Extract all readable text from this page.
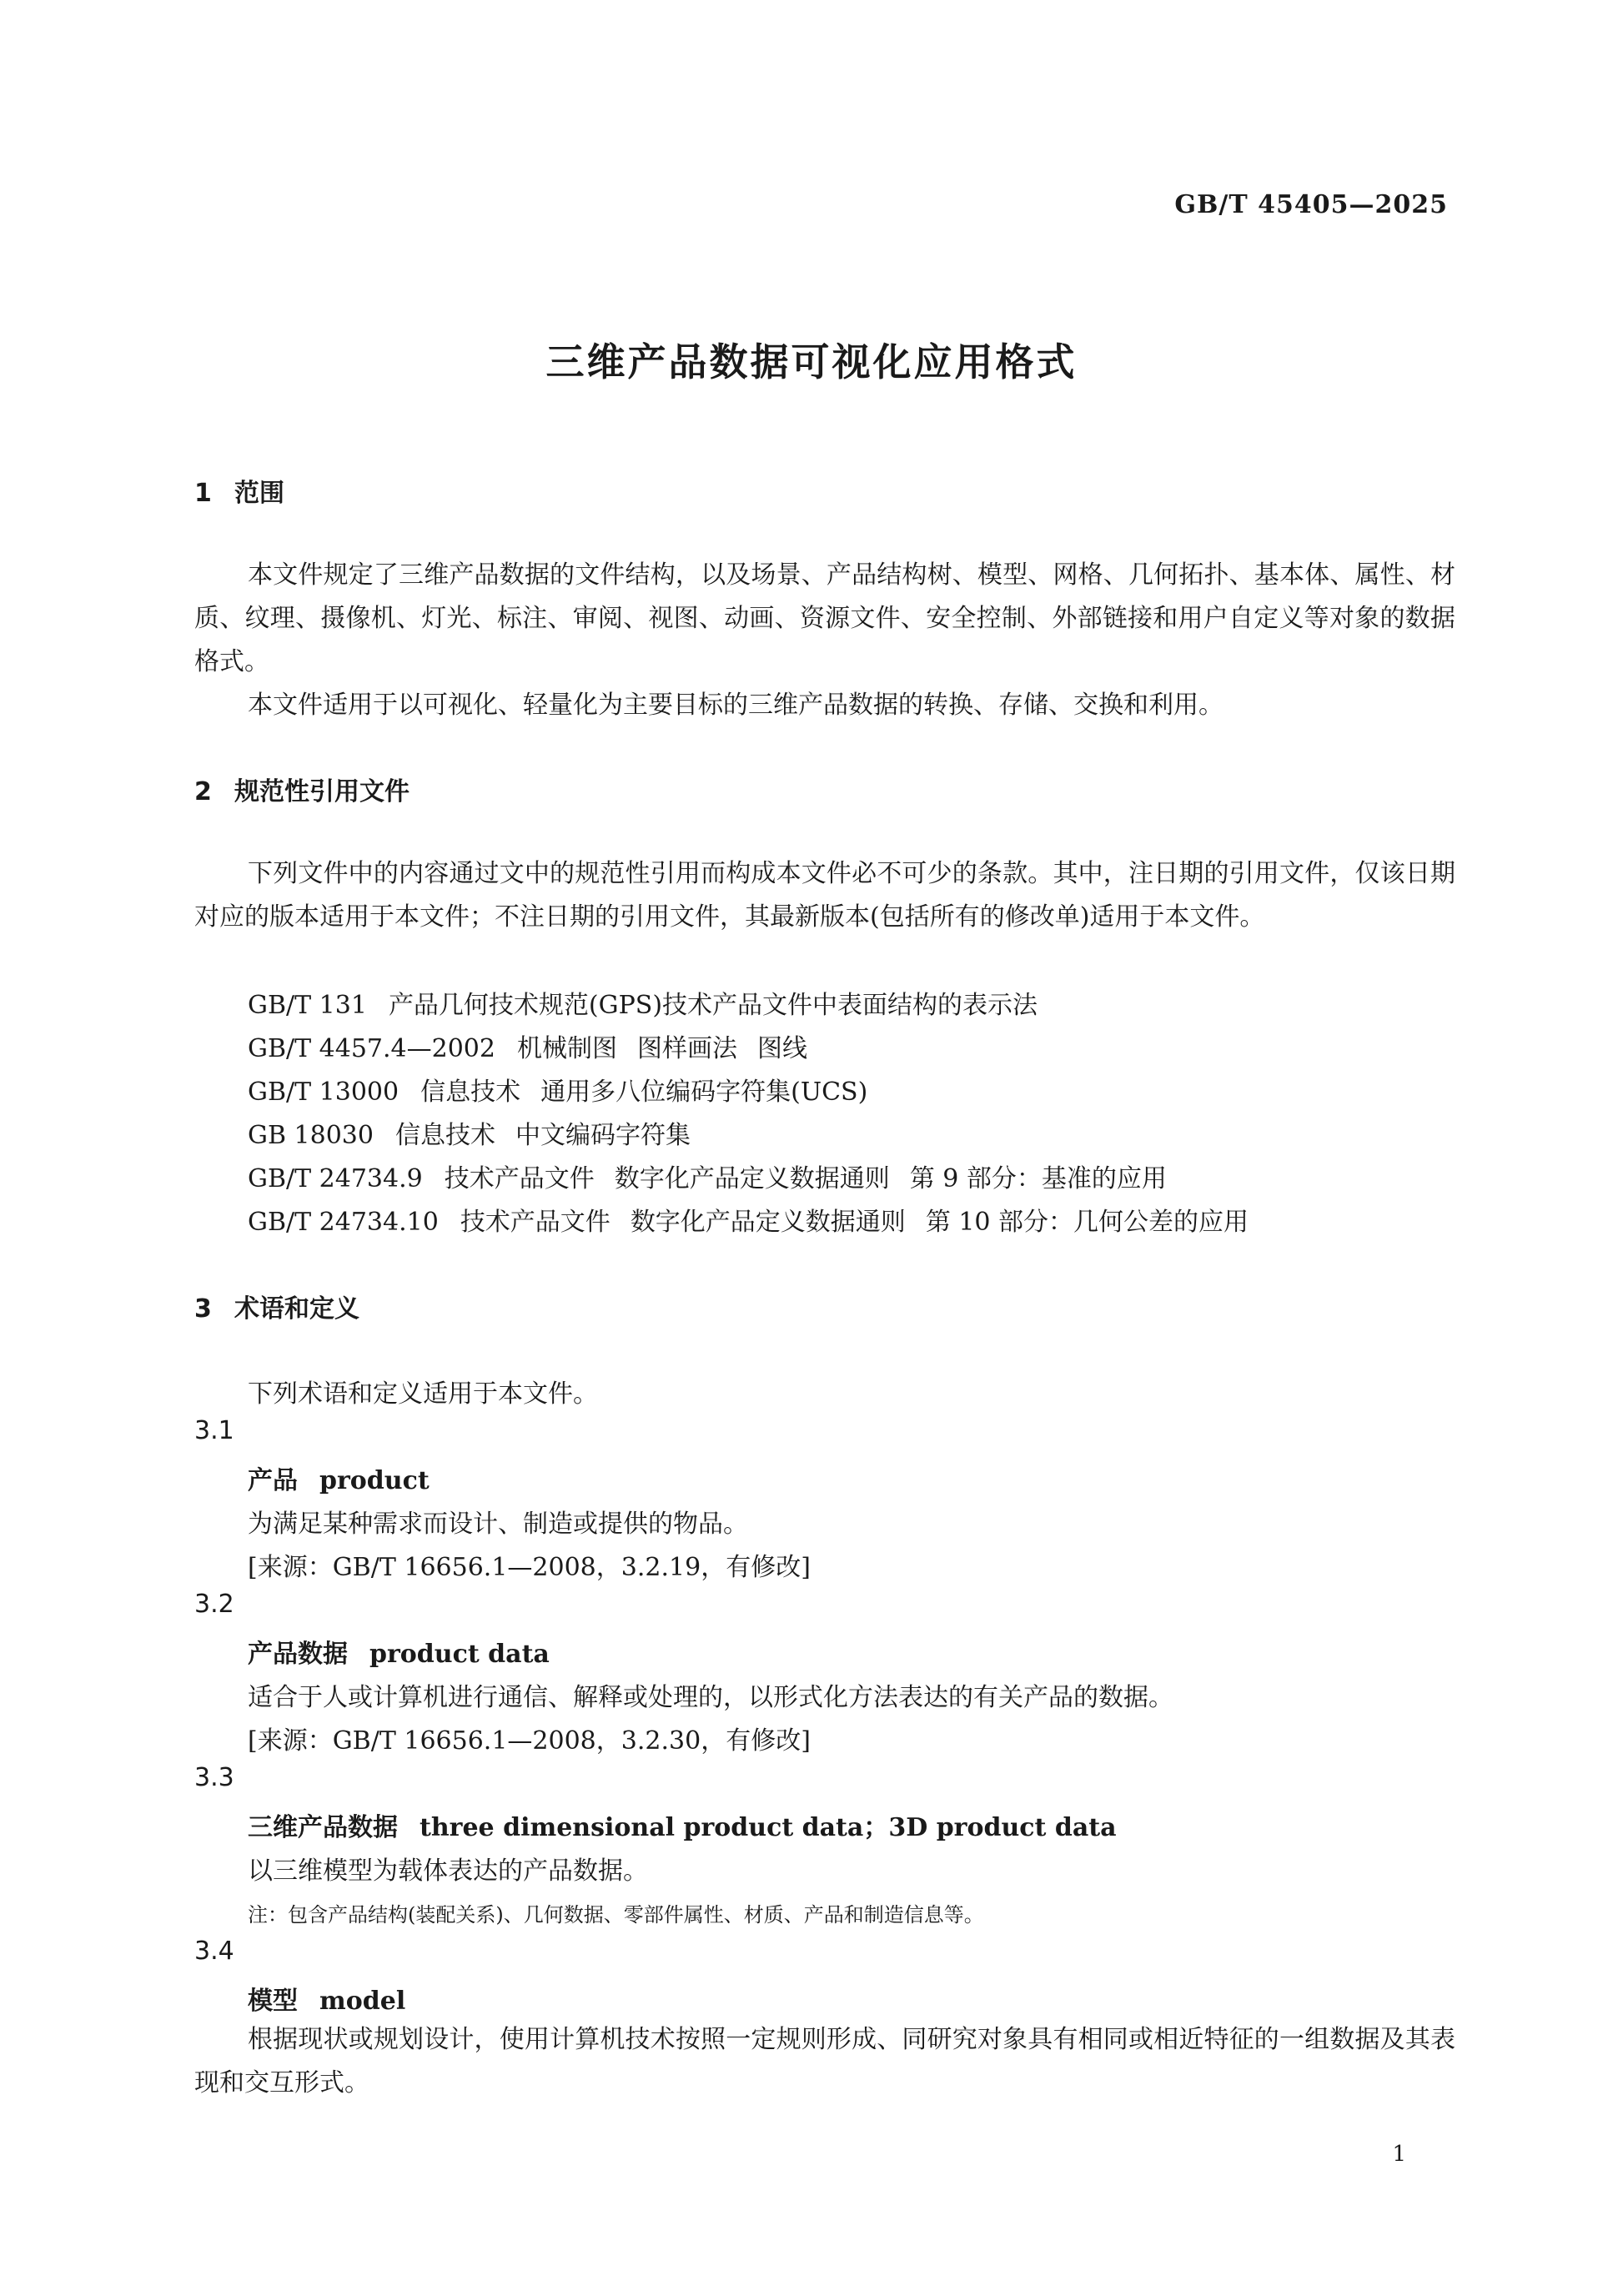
GB/T 45405—2025
三维产品数据可视化应用格式
1 范围
本文件规定了三维产品数据的文件结构，以及场景、产品结构树、模型、网格、几何拓扑、基本体、属性、材质、纹理、摄像机、灯光、标注、审阅、视图、动画、资源文件、安全控制、外部链接和用户自定义等对象的数据格式。
本文件适用于以可视化、轻量化为主要目标的三维产品数据的转换、存储、交换和利用。
2 规范性引用文件
下列文件中的内容通过文中的规范性引用而构成本文件必不可少的条款。其中，注日期的引用文件，仅该日期对应的版本适用于本文件；不注日期的引用文件，其最新版本(包括所有的修改单)适用于本文件。
GB/T 131 产品几何技术规范(GPS)技术产品文件中表面结构的表示法
GB/T 4457.4—2002 机械制图 图样画法 图线
GB/T 13000 信息技术 通用多八位编码字符集(UCS)
GB 18030 信息技术 中文编码字符集
GB/T 24734.9 技术产品文件 数字化产品定义数据通则 第 9 部分：基准的应用
GB/T 24734.10 技术产品文件 数字化产品定义数据通则 第 10 部分：几何公差的应用
3 术语和定义
下列术语和定义适用于本文件。
3.1
产品 product
为满足某种需求而设计、制造或提供的物品。
[来源：GB/T 16656.1—2008，3.2.19，有修改]
3.2
产品数据 product data
适合于人或计算机进行通信、解释或处理的，以形式化方法表达的有关产品的数据。
[来源：GB/T 16656.1—2008，3.2.30，有修改]
3.3
三维产品数据 three dimensional product data；3D product data
以三维模型为载体表达的产品数据。
注：包含产品结构(装配关系)、几何数据、零部件属性、材质、产品和制造信息等。
3.4
模型 model
根据现状或规划设计，使用计算机技术按照一定规则形成、同研究对象具有相同或相近特征的一组数据及其表现和交互形式。
1
